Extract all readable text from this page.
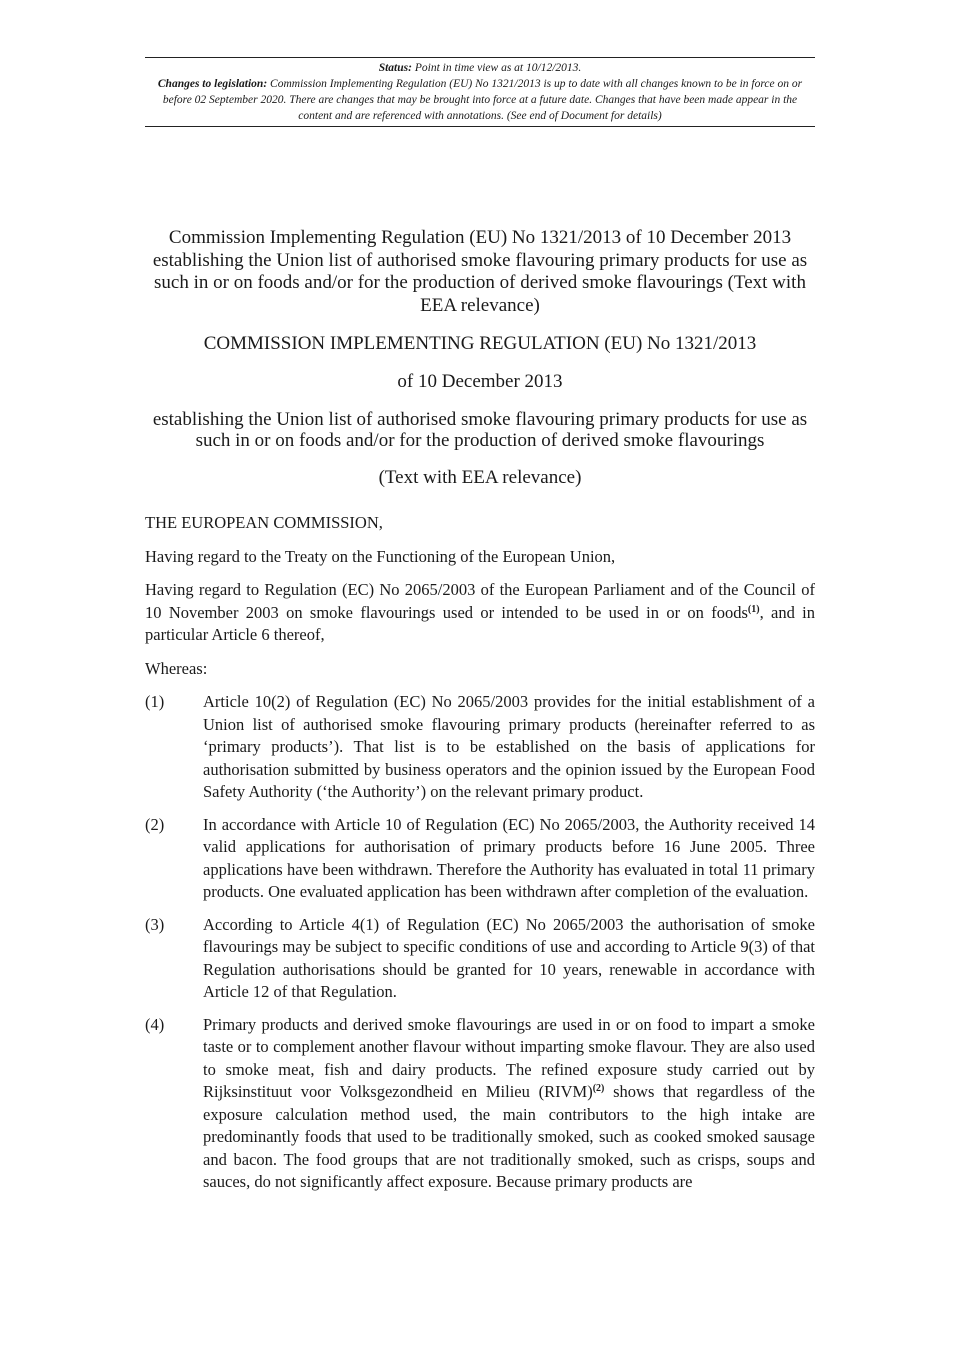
Status: Point in time view as at 10/12/2013.
Changes to legislation: Commission Implementing Regulation (EU) No 1321/2013 is up to date with all changes known to be in force on or before 02 September 2020. There are changes that may be brought into force at a future date. Changes that have been made appear in the content and are referenced with annotations. (See end of Document for details)

Commission Implementing Regulation (EU) No 1321/2013 of 10 December 2013 establishing the Union list of authorised smoke flavouring primary products for use as such in or on foods and/or for the production of derived smoke flavourings (Text with EEA relevance)

COMMISSION IMPLEMENTING REGULATION (EU) No 1321/2013

of 10 December 2013

establishing the Union list of authorised smoke flavouring primary products for use as such in or on foods and/or for the production of derived smoke flavourings

(Text with EEA relevance)

THE EUROPEAN COMMISSION,

Having regard to the Treaty on the Functioning of the European Union,

Having regard to Regulation (EC) No 2065/2003 of the European Parliament and of the Council of 10 November 2003 on smoke flavourings used or intended to be used in or on foods$^{(1)}$, and in particular Article 6 thereof,

Whereas:

(1)	Article 10(2) of Regulation (EC) No 2065/2003 provides for the initial establishment of a Union list of authorised smoke flavouring primary products (hereinafter referred to as ‘primary products’). That list is to be established on the basis of applications for authorisation submitted by business operators and the opinion issued by the European Food Safety Authority (‘the Authority’) on the relevant primary product.
(2)	In accordance with Article 10 of Regulation (EC) No 2065/2003, the Authority received 14 valid applications for authorisation of primary products before 16 June 2005. Three applications have been withdrawn. Therefore the Authority has evaluated in total 11 primary products. One evaluated application has been withdrawn after completion of the evaluation.
(3)	According to Article 4(1) of Regulation (EC) No 2065/2003 the authorisation of smoke flavourings may be subject to specific conditions of use and according to Article 9(3) of that Regulation authorisations should be granted for 10 years, renewable in accordance with Article 12 of that Regulation.
(4)	Primary products and derived smoke flavourings are used in or on food to impart a smoke taste or to complement another flavour without imparting smoke flavour. They are also used to smoke meat, fish and dairy products. The refined exposure study carried out by Rijksinstituut voor Volksgezondheid en Milieu (RIVM)$^{(2)}$ shows that regardless of the exposure calculation method used, the main contributors to the high intake are predominantly foods that used to be traditionally smoked, such as cooked smoked sausage and bacon. The food groups that are not traditionally smoked, such as crisps, soups and sauces, do not significantly affect exposure. Because primary products are
